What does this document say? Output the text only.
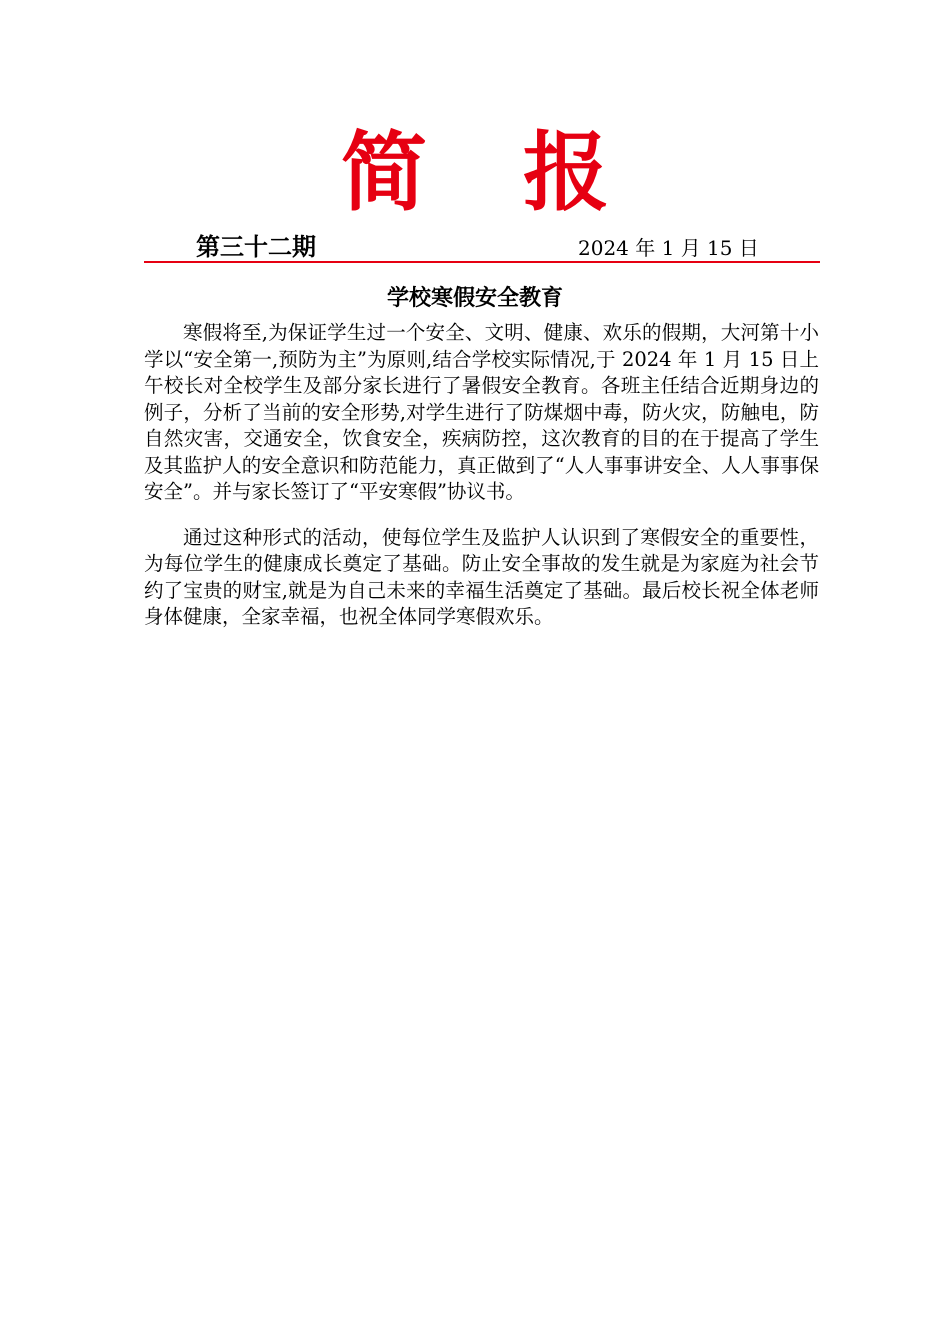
简 报
第三十二期	2024 年 1 月 15 日
学校寒假安全教育

寒假将至,为保证学生过一个安全、文明、健康、欢乐的假期，大河第十小学以“安全第一,预防为主”为原则,结合学校实际情况,于 2024 年 1 月 15 日上午校长对全校学生及部分家长进行了暑假安全教育。各班主任结合近期身边的例子，分析了当前的安全形势,对学生进行了防煤烟中毒，防火灾，防触电，防自然灾害，交通安全，饮食安全，疾病防控，这次教育的目的在于提高了学生及其监护人的安全意识和防范能力，真正做到了“人人事事讲安全、人人事事保安全”。并与家长签订了“平安寒假”协议书。

通过这种形式的活动，使每位学生及监护人认识到了寒假安全的重要性，为每位学生的健康成长奠定了基础。防止安全事故的发生就是为家庭为社会节约了宝贵的财宝,就是为自己未来的幸福生活奠定了基础。最后校长祝全体老师身体健康，全家幸福，也祝全体同学寒假欢乐。
